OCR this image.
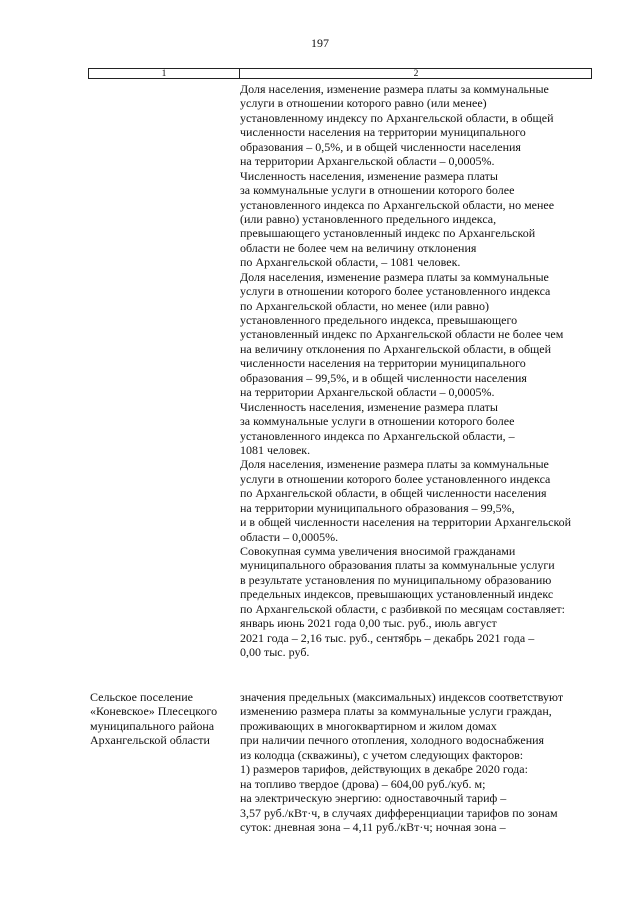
197
1	2
Доля населения, изменение размера платы за коммунальные
услуги в отношении которого равно (или менее)
установленному индексу по Архангельской области, в общей
численности населения на территории муниципального
образования – 0,5%, и в общей численности населения
на территории Архангельской области – 0,0005%.
Численность населения, изменение размера платы
за коммунальные услуги в отношении которого более
установленного индекса по Архангельской области, но менее
(или равно) установленного предельного индекса,
превышающего установленный индекс по Архангельской
области не более чем на величину отклонения
по Архангельской области, – 1081 человек.
Доля населения, изменение размера платы за коммунальные
услуги в отношении которого более установленного индекса
по Архангельской области, но менее (или равно)
установленного предельного индекса, превышающего
установленный индекс по Архангельской области не более чем
на величину отклонения по Архангельской области, в общей
численности населения на территории муниципального
образования – 99,5%, и в общей численности населения
на территории Архангельской области – 0,0005%.
Численность населения, изменение размера платы
за коммунальные услуги в отношении которого более
установленного индекса по Архангельской области, –
1081 человек.
Доля населения, изменение размера платы за коммунальные
услуги в отношении которого более установленного индекса
по Архангельской области, в общей численности населения
на территории муниципального образования – 99,5%,
и в общей численности населения на территории Архангельской
области – 0,0005%.
Совокупная сумма увеличения вносимой гражданами
муниципального образования платы за коммунальные услуги
в результате установления по муниципальному образованию
предельных индексов, превышающих установленный индекс
по Архангельской области, с разбивкой по месяцам составляет:
январь июнь 2021 года 0,00 тыс. руб., июль август
2021 года – 2,16 тыс. руб., сентябрь – декабрь 2021 года –
0,00 тыс. руб.
Сельское поселение
«Коневское» Плесецкого
муниципального района
Архангельской области
значения предельных (максимальных) индексов соответствуют
изменению размера платы за коммунальные услуги граждан,
проживающих в многоквартирном и жилом домах
при наличии печного отопления, холодного водоснабжения
из колодца (скважины), с учетом следующих факторов:
1) размеров тарифов, действующих в декабре 2020 года:
на топливо твердое (дрова) – 604,00 руб./куб. м;
на электрическую энергию: одноставочный тариф –
3,57 руб./кВт·ч, в случаях дифференциации тарифов по зонам
суток: дневная зона – 4,11 руб./кВт·ч; ночная зона –
